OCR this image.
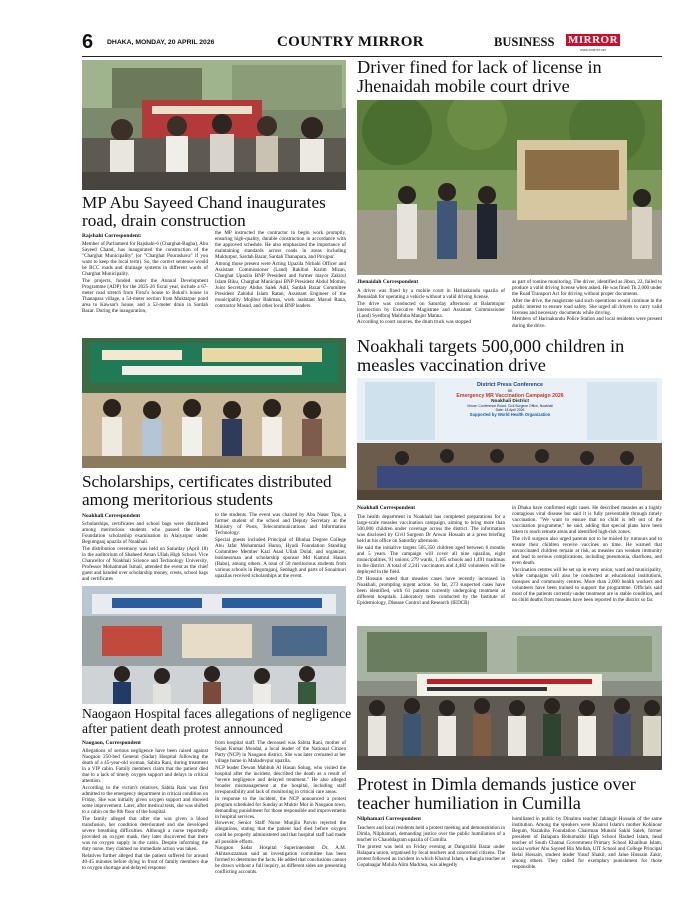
6 DHAKA, MONDAY, 20 APRIL 2026	COUNTRY MIRROR	BUSINESS MIRROR
www.bmirror.net
MP Abu Sayeed Chand inaugurates road, drain construction
Rajshahi Correspondent:

Member of Parliament for Rajshahi-6 (Charghat-Bagha), Abu Sayeed Chand, has inaugurated the construction of the "Charghat Municipality" (or "Charghat Pourashava" if you want to keep the local term). So, the correct sentence would be RCC roads and drainage systems in different wards of Charghat Municipality.

The projects, funded under the Annual Development Programme (ADP) for the 2025-26 fiscal year, include a 67-meter road stretch from Firoz's house to Bokul's house in Thanapara village, a 54-meter section from Muktarpur pond area to Kawsar's house, and a 52-meter drain in Sardah Bazar. During the inauguration,

the MP instructed the contractor to begin work promptly, ensuring high-quality, durable construction in accordance with the approved schedule. He also emphasized the importance of maintaining standards across roads in areas including Mukturpur, Sardah Bazar, Sardah Thanapara, and Pirojpur.

Among those present were Acting Upazila Nirbahi Officer and Assistant Commissioner (Land) Rakibul Karim Mizan, Charghat Upazila BNP President and former mayor Zakirul Islam Biku, Charghat Municipal BNP President Abdul Momin, Joint Secretary Abdus Salek Adil, Sardah Bazar Committee President Zahidul Islam Ratan, Assistant Engineer of the municipality Mojibur Rahman, work assistant Masud Rana, contractor Masud, and other local BNP leaders.

Scholarships, certificates distributed among meritorious students
Noakhali Correspondent

Scholarships, certificates and school bags were distributed among meritorious students who passed the Hyadi Foundation scholarship examination in Alaiyarpur under Begumganj upazila of Noakhali.

The distribution ceremony was held on Saturday (April 18) in the auditorium of Shaheed Aman Ullah High School. Vice Chancellor of Noakhali Science and Technology University, Professor Mohammad Ismail, attended the event as the chief guest and handed over scholarship money, crests, school bags and certificates

to the students. The event was chaired by Abu Naser Tipu, a former student of the school and Deputy Secretary at the Ministry of Posts, Telecommunications and Information Technology.

Special guests included Principal of Bhulua Degree College Abu Jafar Mohammad Harun, Hyadi Foundation Standing Committee Member Kazi Asad Ullah Dulal, and organizer, businessman and scholarship sponsor Md Kamrul Hasan (Babu), among others. A total of 50 meritorious students from various schools in Begumganj, Senbagh and parts of Sonaimuri upazilas received scholarships at the event.

Naogaon Hospital faces allegations of negligence after patient death protest announced
Naogaon, Correspondent

Allegations of serious negligence have been raised against Naogaon 250-bed General (Sadar) Hospital following the death of a 45-year-old woman, Sabita Rani, during treatment in a VIP cabin. Family members claim that the patient died due to a lack of timely oxygen support and delays in critical attention.

According to the victim's relatives, Sabita Rani was first admitted to the emergency department in critical condition on Friday. She was initially given oxygen support and showed some improvement. Later, after medical tests, she was shifted to a cabin on the 8th floor of the hospital.

The family alleged that after she was given a blood transfusion, her condition deteriorated and she developed severe breathing difficulties. Although a nurse reportedly provided an oxygen mask, they later discovered that there was no oxygen supply in the cabin. Despite informing the duty nurse, they claimed no immediate action was taken.

Relatives further alleged that the patient suffered for around 40-45 minutes before dying in front of family members due to oxygen shortage and delayed response

from hospital staff. The deceased was Sabita Rani, mother of Sujan Kumar Mondal, a local leader of the National Citizen Party (NCP) in Naogaon district. She was later cremated at her village home in Mahadevpur upazila.

NCP leader Dewan Mahbub Al Hasan Sohag, who visited the hospital after the incident, described the death as a result of "severe negligence and delayed treatment." He also alleged broader mismanagement at the hospital, including staff irresponsibility and lack of monitoring in critical care areas.

In response to the incident, the NCP announced a protest program scheduled for Sunday at Muktir Mor in Naogaon town, demanding punishment for those responsible and improvements in hospital services.

However, Senior Staff Nurse Munjila Parvin rejected the allegations, stating that the patient had died before oxygen could be properly administered and that hospital staff had made all possible efforts.

Naogaon Sadar Hospital Superintendent Dr. A.M. Akhtaruzzaman said an investigation committee has been formed to determine the facts. He added that conclusions cannot be drawn without a full inquiry, as different sides are presenting conflicting accounts.

Driver fined for lack of license in Jhenaidah mobile court drive
Jhenaidah Correspondent

A driver was fined by a mobile court in Harinakundu upazila of Jhenaidah for operating a vehicle without a valid driving license.

The drive was conducted on Saturday afternoon at Balamtopur intersection by Executive Magistrate and Assistant Commissioner (Land) Syedbraj Mahfuba Manjur Manna.

According to court sources, the drum truck was stopped

as part of routine monitoring. The driver, identified as Jibon, 22, failed to produce a valid driving license when asked. He was fined Tk 2,000 under the Road Transport Act for driving without proper documents.

After the drive, the magistrate said such operations would continue in the public interest to ensure road safety. She urged all drivers to carry valid licenses and necessary documents while driving.

Members of Harinakundu Police Station and local residents were present during the drive.

Noakhali targets 500,000 children in measles vaccination drive
District Press Conference
on
Emergency MR Vaccination Campaign 2026
Noakhali District
Venue: Conference Room, Civil Surgeon Office, Noakhali
Date: 18 April 2026
Supported by World Health Organization
Noakhali Correspondent

The health department in Noakhali has completed preparations for a large-scale measles vaccination campaign, aiming to bring more than 500,000 children under coverage across the district. The information was disclosed by Civil Surgeon Dr Anwar Hossain at a press briefing held at his office on Saturday afternoon.

He said the initiative targets 505,350 children aged between 6 months and 5 years. The campaign will cover all nine upazilas, eight municipalities, 91 unions, 279 wards, 1,165 schools and 1,491 madrasas in the district. A total of 2,241 vaccinators and 4,482 volunteers will be deployed in the field.

Dr Hossain noted that measles cases have recently increased in Noakhali, prompting urgent action. So far, 273 suspected cases have been identified, with 61 patients currently undergoing treatment at different hospitals. Laboratory tests conducted by the Institute of Epidemiology, Disease Control and Research (IEDCR)

in Dhaka have confirmed eight cases. He described measles as a highly contagious viral disease but said it is fully preventable through timely vaccination. "We want to ensure that no child is left out of the vaccination programme," he said, adding that special plans have been taken to reach remote areas and identified high-risk zones.

The civil surgeon also urged parents not to be misled by rumours and to ensure their children receive vaccines on time. He warned that unvaccinated children remain at risk, as measles can weaken immunity and lead to serious complications, including pneumonia, diarrhoea, and even death.

Vaccination centres will be set up in every union, ward and municipality, while campaigns will also be conducted at educational institutions, mosques and community centres. More than 2,000 health workers and volunteers have been trained to support the programme. Officials said most of the patients currently under treatment are in stable condition, and no child deaths from measles have been reported in the district so far.

Protest in Dimla demands justice over teacher humiliation in Cumilla
Nilphamari Correspondent

Teachers and local residents held a protest meeting and demonstration in Dimla, Nilphamari, demanding justice over the public humiliation of a teacher in Chauddagram upazila of Cumilla.

The protest was held on Friday evening at Dangachhi Bazar under Balapara union, organised by local teachers and concerned citizens. The protest followed an incident in which Khairul Islam, a Bangla teacher at Gopalnagar Mohila Alim Madrasa, was allegedly

humiliated in public by Dinalmu teacher Jahangir Hossain of the same institution. Among the speakers were Khairul Islam's mother Kohinoor Begum, Nazakiha Foundation Chairman Munshi Sakhi Saleh, former president of Balapara Bohumukhi High School Rashed Islam, head teacher of South Chatnai Government Primary School Khatibun Islam, social worker Abu Sayeed Bin Mollah, UIT School and College Principal Belal Hossain, student leader Yusuf Shakil, and Jalue Hossain Zakir, among others. They called for exemplary punishment for those responsible.
